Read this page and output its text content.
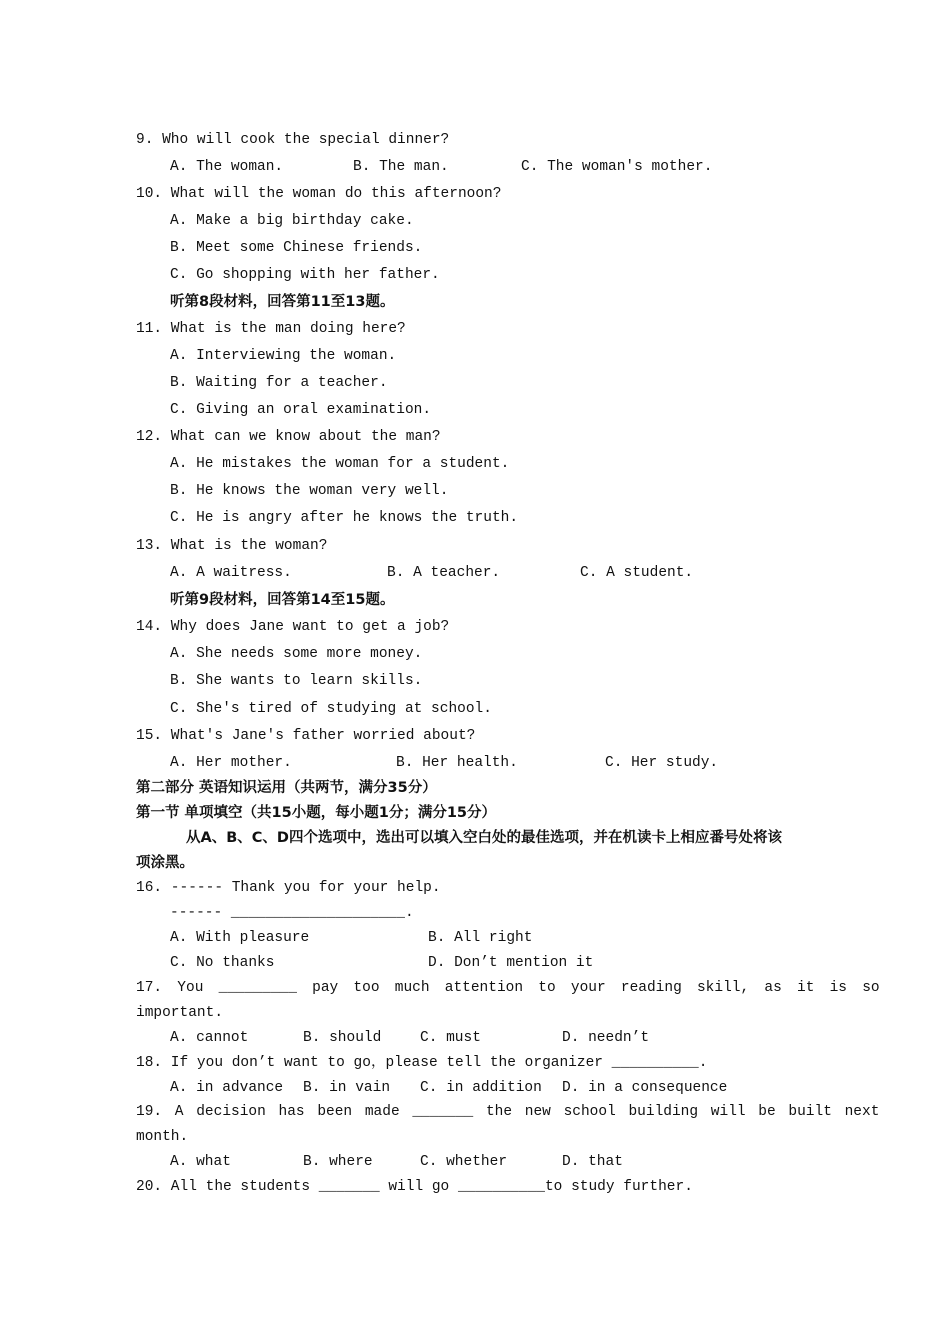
9. Who will cook the special dinner?
A. The woman.	B. The man.	C. The woman's mother.
10. What will the woman do this afternoon?
A. Make a big birthday cake.
B. Meet some Chinese friends.
C. Go shopping with her father.
听第8段材料，回答第11至13题。
11. What is the man doing here?
A. Interviewing the woman.
B. Waiting for a teacher.
C. Giving an oral examination.
12. What can we know about the man?
A. He mistakes the woman for a student.
B. He knows the woman very well.
C. He is angry after he knows the truth.
13. What is the woman?
A. A waitress.	B. A teacher.	C. A student.
听第9段材料，回答第14至15题。
14. Why does Jane want to get a job?
A. She needs some more money.
B. She wants to learn skills.
C. She's tired of studying at school.
15. What's Jane's father worried about?
A. Her mother.	B. Her health.	C. Her study.
第二部分 英语知识运用（共两节，满分35分）
第一节 单项填空（共15小题，每小题1分；满分15分）
从A、B、C、D四个选项中，选出可以填入空白处的最佳选项，并在机读卡上相应番号处将该
项涂黑。
16. ------ Thank you for your help.
------ ____________________.
A. With pleasure	B. All right
C. No thanks	D. Don’t mention it
17. You _________ pay too much attention to your reading skill, as it is so
important.
A. cannot	B. should	C. must	D. needn’t
18. If you don’t want to go，please tell the organizer __________.
A. in advance B. in vain C. in addition D. in a consequence
19. A decision has been made _______ the new school building will be built next
month.
A. what	B. where	C. whether	D. that
20. All the students _______ will go __________to study further.
